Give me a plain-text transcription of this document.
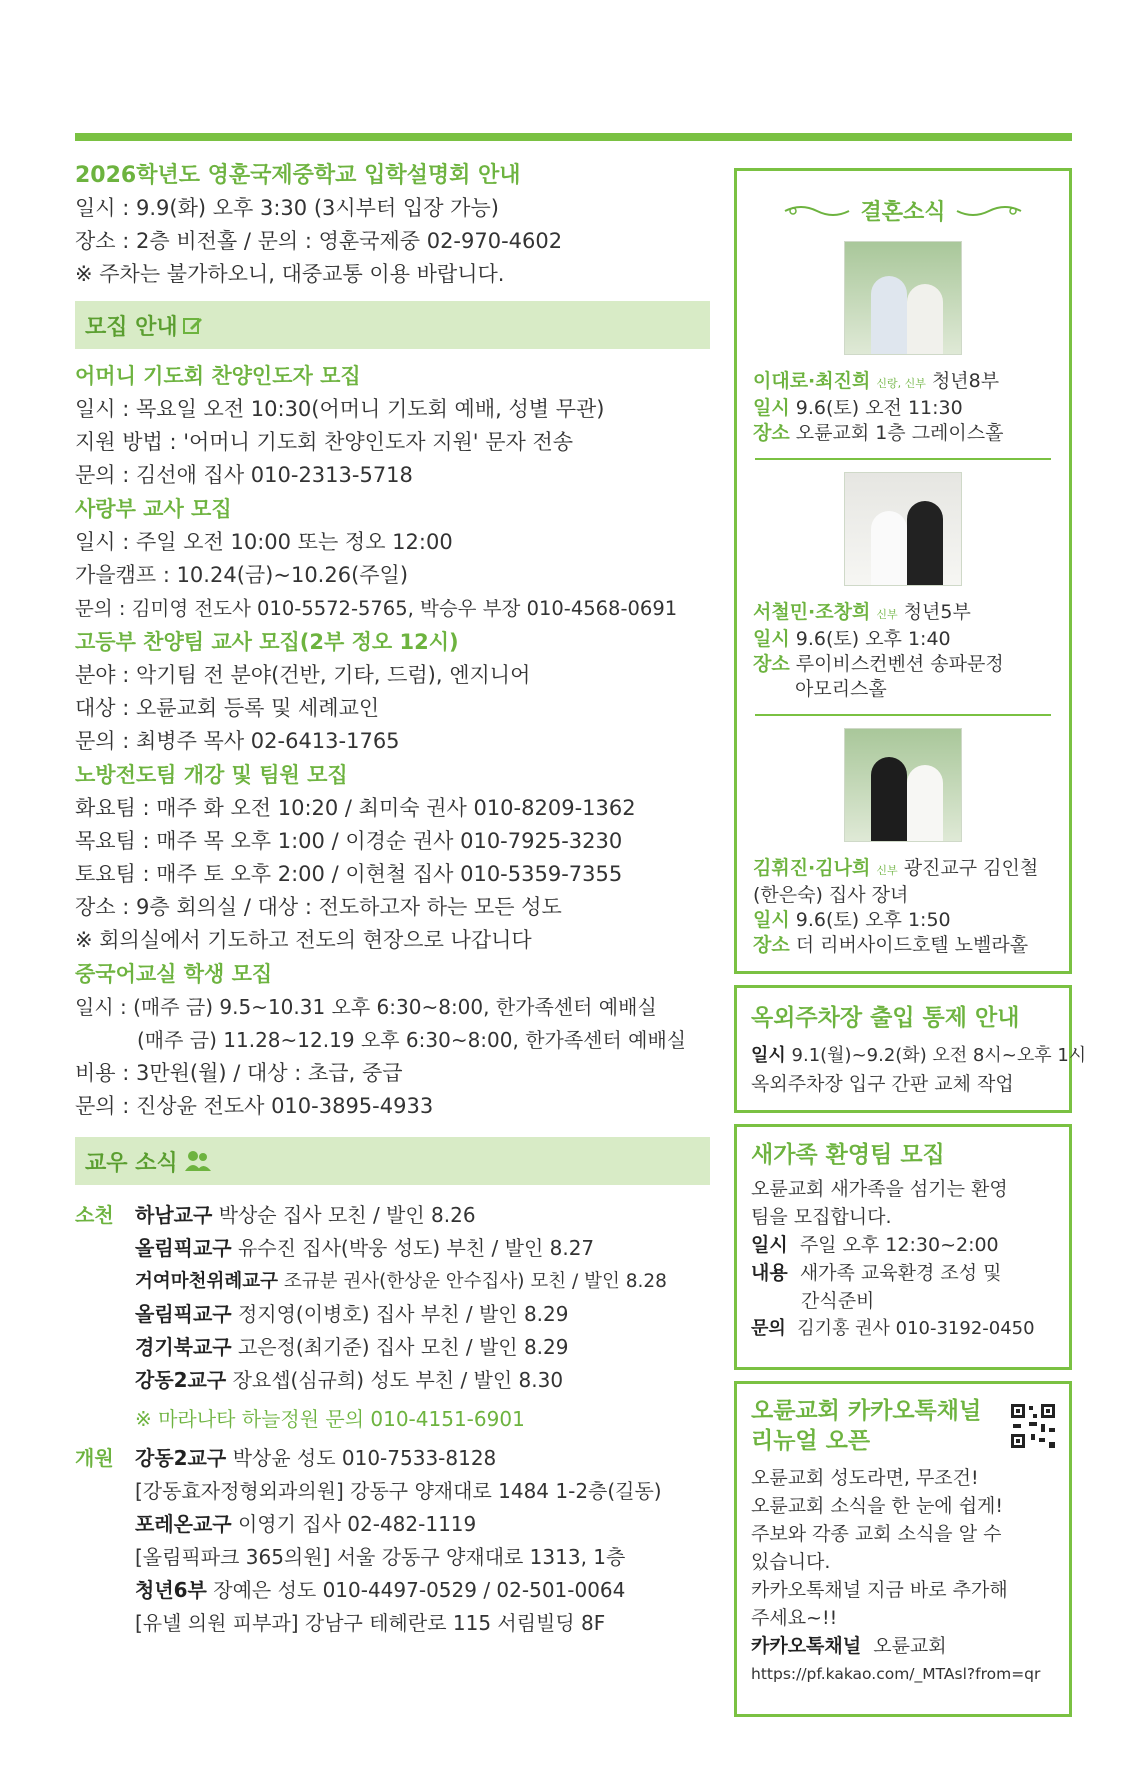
2026학년도 영훈국제중학교 입학설명회 안내
일시 : 9.9(화) 오후 3:30 (3시부터 입장 가능)
장소 : 2층 비전홀 / 문의 : 영훈국제중 02-970-4602
※ 주차는 불가하오니, 대중교통 이용 바랍니다.
모집 안내
어머니 기도회 찬양인도자 모집
일시 : 목요일 오전 10:30(어머니 기도회 예배, 성별 무관)
지원 방법 : '어머니 기도회 찬양인도자 지원' 문자 전송
문의 : 김선애 집사 010-2313-5718
사랑부 교사 모집
일시 : 주일 오전 10:00 또는 정오 12:00
가을캠프 : 10.24(금)~10.26(주일)
문의 : 김미영 전도사 010-5572-5765, 박승우 부장 010-4568-0691
고등부 찬양팀 교사 모집(2부 정오 12시)
분야 : 악기팀 전 분야(건반, 기타, 드럼), 엔지니어
대상 : 오륜교회 등록 및 세례교인
문의 : 최병주 목사 02-6413-1765
노방전도팀 개강 및 팀원 모집
화요팀 : 매주 화 오전 10:20 / 최미숙 권사 010-8209-1362
목요팀 : 매주 목 오후 1:00 / 이경순 권사 010-7925-3230
토요팀 : 매주 토 오후 2:00 / 이현철 집사 010-5359-7355
장소 : 9층 회의실 / 대상 : 전도하고자 하는 모든 성도
※ 회의실에서 기도하고 전도의 현장으로 나갑니다
중국어교실 학생 모집
일시 : (매주 금) 9.5~10.31 오후 6:30~8:00, 한가족센터 예배실
(매주 금) 11.28~12.19 오후 6:30~8:00, 한가족센터 예배실
비용 : 3만원(월) / 대상 : 초급, 중급
문의 : 진상윤 전도사 010-3895-4933
교우 소식
소천	하남교구 박상순 집사 모친 / 발인 8.26
올림픽교구 유수진 집사(박웅 성도) 부친 / 발인 8.27
거여마천위례교구 조규분 권사(한상운 안수집사) 모친 / 발인 8.28
올림픽교구 정지영(이병호) 집사 부친 / 발인 8.29
경기북교구 고은정(최기준) 집사 모친 / 발인 8.29
강동2교구 장요셉(심규희) 성도 부친 / 발인 8.30
※ 마라나타 하늘정원 문의 010-4151-6901
개원	강동2교구 박상윤 성도 010-7533-8128
[강동효자정형외과의원] 강동구 양재대로 1484 1-2층(길동)
포레온교구 이영기 집사 02-482-1119
[올림픽파크 365의원] 서울 강동구 양재대로 1313, 1층
청년6부 장예은 성도 010-4497-0529 / 02-501-0064
[유넬 의원 피부과] 강남구 테헤란로 115 서림빌딩 8F
결혼소식
이대로·최진희 신랑, 신부 청년8부
일시 9.6(토) 오전 11:30
장소 오륜교회 1층 그레이스홀
서철민·조창희 신부 청년5부
일시 9.6(토) 오후 1:40
장소 루이비스컨벤션 송파문정
아모리스홀
김휘진·김나희 신부 광진교구 김인철
(한은숙) 집사 장녀
일시 9.6(토) 오후 1:50
장소 더 리버사이드호텔 노벨라홀
옥외주차장 출입 통제 안내
일시 9.1(월)~9.2(화) 오전 8시~오후 1시
옥외주차장 입구 간판 교체 작업
새가족 환영팀 모집
오륜교회 새가족을 섬기는 환영
팀을 모집합니다.
일시 주일 오후 12:30~2:00
내용 새가족 교육환경 조성 및
간식준비
문의 김기홍 권사 010-3192-0450
오륜교회 카카오톡채널
리뉴얼 오픈
오륜교회 성도라면, 무조건!
오륜교회 소식을 한 눈에 쉽게!
주보와 각종 교회 소식을 알 수
있습니다.
카카오톡채널 지금 바로 추가해
주세요~!!
카카오톡채널 오륜교회
https://pf.kakao.com/_MTAsl?from=qr
